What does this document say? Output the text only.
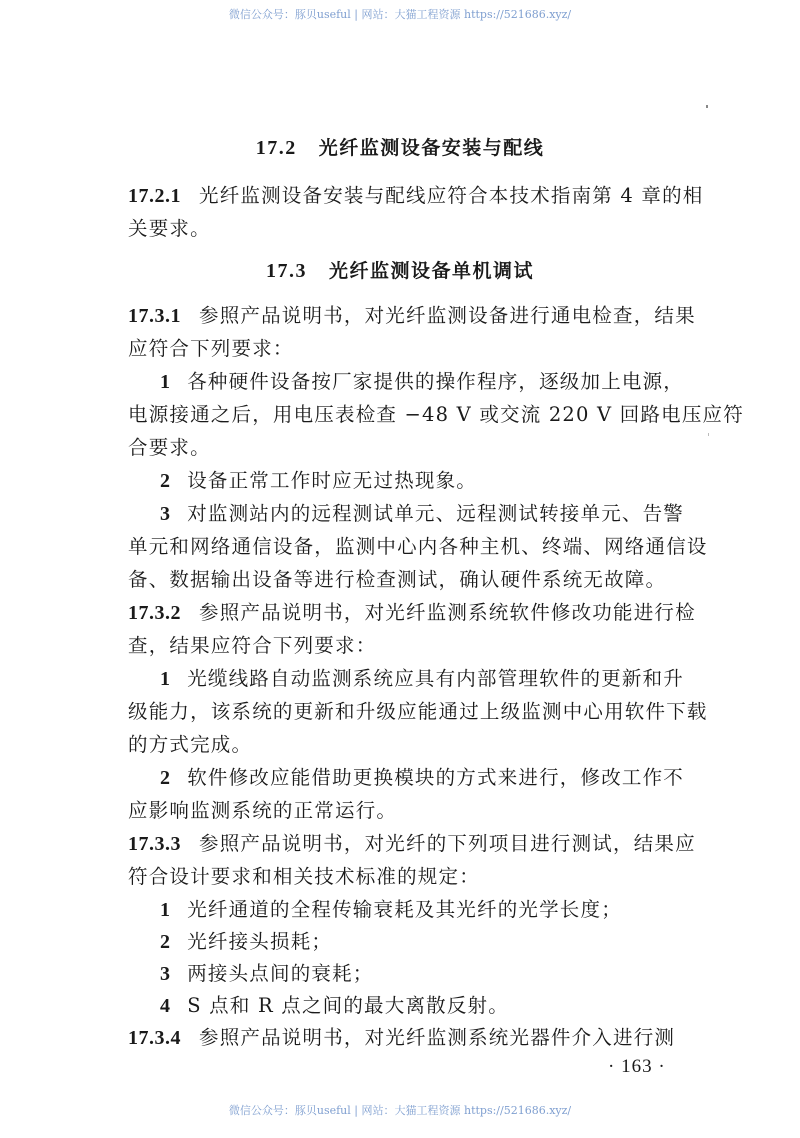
微信公众号：豚贝useful | 网站：大猫工程资源 https://521686.xyz/
17.2 光纤监测设备安装与配线
17.2.1 光纤监测设备安装与配线应符合本技术指南第 4 章的相
关要求。
17.3 光纤监测设备单机调试
17.3.1 参照产品说明书，对光纤监测设备进行通电检查，结果
应符合下列要求：
1 各种硬件设备按厂家提供的操作程序，逐级加上电源，
电源接通之后，用电压表检查 −48 V 或交流 220 V 回路电压应符
合要求。
2 设备正常工作时应无过热现象。
3 对监测站内的远程测试单元、远程测试转接单元、告警
单元和网络通信设备，监测中心内各种主机、终端、网络通信设
备、数据输出设备等进行检查测试，确认硬件系统无故障。
17.3.2 参照产品说明书，对光纤监测系统软件修改功能进行检
查，结果应符合下列要求：
1 光缆线路自动监测系统应具有内部管理软件的更新和升
级能力，该系统的更新和升级应能通过上级监测中心用软件下载
的方式完成。
2 软件修改应能借助更换模块的方式来进行，修改工作不
应影响监测系统的正常运行。
17.3.3 参照产品说明书，对光纤的下列项目进行测试，结果应
符合设计要求和相关技术标准的规定：
1 光纤通道的全程传输衰耗及其光纤的光学长度；
2 光纤接头损耗；
3 两接头点间的衰耗；
4 S 点和 R 点之间的最大离散反射。
17.3.4 参照产品说明书，对光纤监测系统光器件介入进行测
· 163 ·
微信公众号：豚贝useful | 网站：大猫工程资源 https://521686.xyz/
